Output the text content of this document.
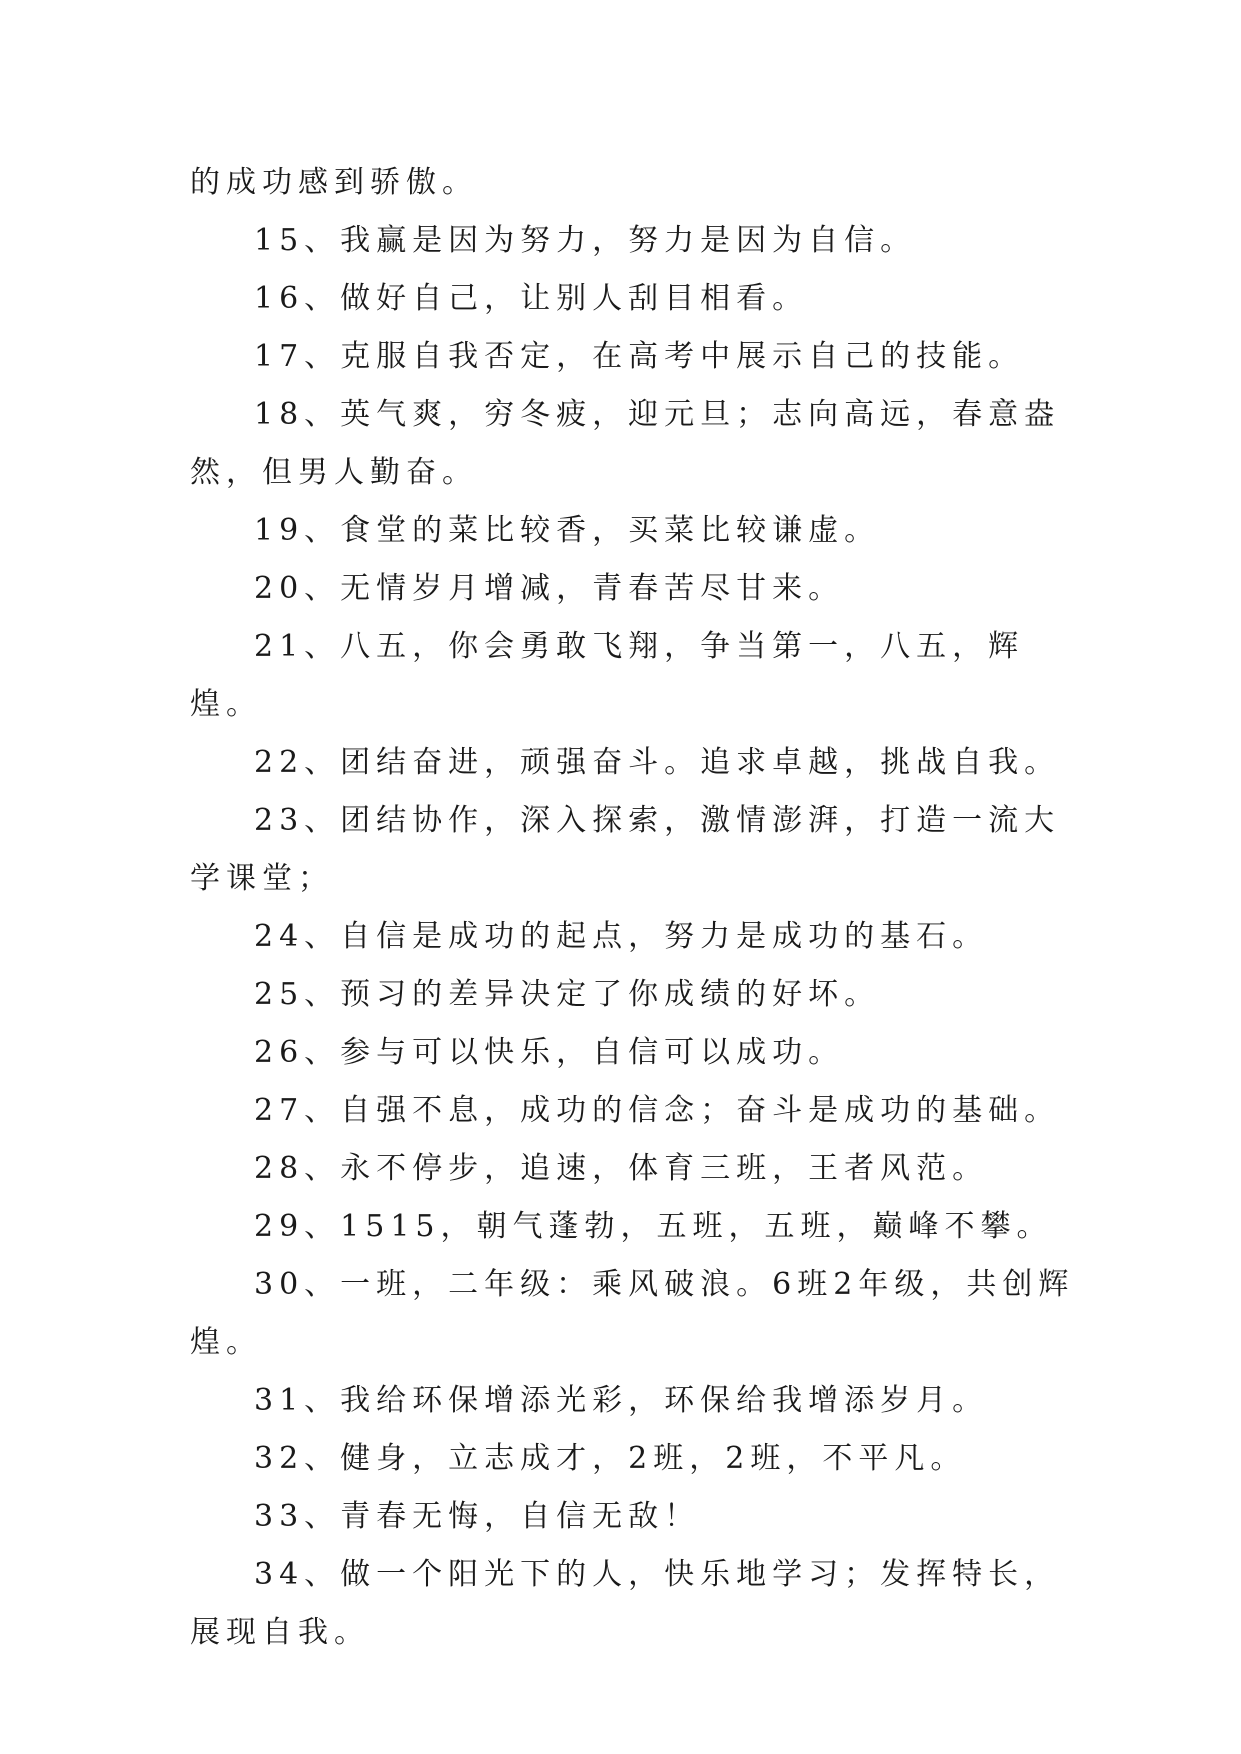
的成功感到骄傲。

15、我赢是因为努力，努力是因为自信。

16、做好自己，让别人刮目相看。

17、克服自我否定，在高考中展示自己的技能。

18、英气爽，穷冬疲，迎元旦；志向高远，春意盎然，但男人勤奋。

19、食堂的菜比较香，买菜比较谦虚。

20、无情岁月增减，青春苦尽甘来。

21、八五，你会勇敢飞翔，争当第一，八五，辉煌。

22、团结奋进，顽强奋斗。追求卓越，挑战自我。

23、团结协作，深入探索，激情澎湃，打造一流大学课堂；

24、自信是成功的起点，努力是成功的基石。

25、预习的差异决定了你成绩的好坏。

26、参与可以快乐，自信可以成功。

27、自强不息，成功的信念；奋斗是成功的基础。

28、永不停步，追速，体育三班，王者风范。

29、1515，朝气蓬勃，五班，五班，巅峰不攀。

30、一班，二年级：乘风破浪。6班2年级，共创辉煌。

31、我给环保增添光彩，环保给我增添岁月。

32、健身，立志成才，2班，2班，不平凡。

33、青春无悔，自信无敌！

34、做一个阳光下的人，快乐地学习；发挥特长，展现自我。
